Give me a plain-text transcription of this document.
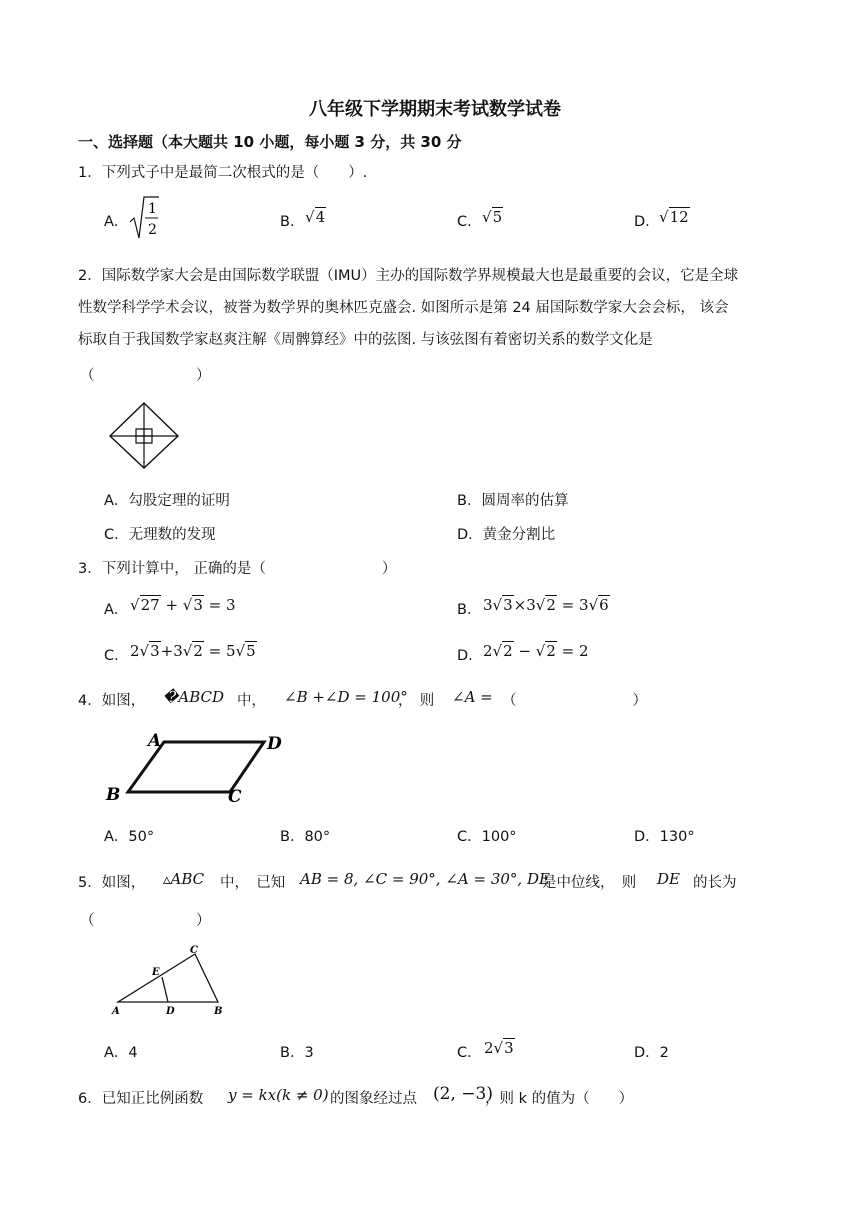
八年级下学期期末考试数学试卷
一、选择题（本大题共 10 小题，每小题 3 分，共 30 分
1．下列式子中是最简二次根式的是（　　）.
A．
1
2	B． √4	C． √5	D． √12
2．国际数学家大会是由国际数学联盟（IMU）主办的国际数学界规模最大也是最重要的会议，它是全球
性数学科学学术会议，被誉为数学界的奥林匹克盛会. 如图所示是第 24 届国际数学家大会会标， 该会
标取自于我国数学家赵爽注解《周髀算经》中的弦图. 与该弦图有着密切关系的数学文化是
（　　　　　　　）
A．勾股定理的证明	B．圆周率的估算
C．无理数的发现	D．黄金分割比
3．下列计算中， 正确的是（　　　　　　　　）
A． √27 + √3 = 3	B． 3√3×3√2 = 3√6
C． 2√3+3√2 = 5√5	D． 2√2 − √2 = 2
4．如图， �ABCD 中， ∠B +∠D = 100°
，　则 ∠A = （　　　　　　　　）
A	D
B	C
A．50°	B．80°	C．100°	D．130°
5．如图， ▵ABC 中，　已知 AB = 8, ∠C = 90°, ∠A = 30°, DE
是中位线，　则 DE 的长为
（　　　　　　　）
A	B
C
D
E
A．4	B．3	C． 2√3	D．2
6．已知正比例函数 y = kx(k ≠ 0) 的图象经过点 (2, −3)
，则 k 的值为（　　）
